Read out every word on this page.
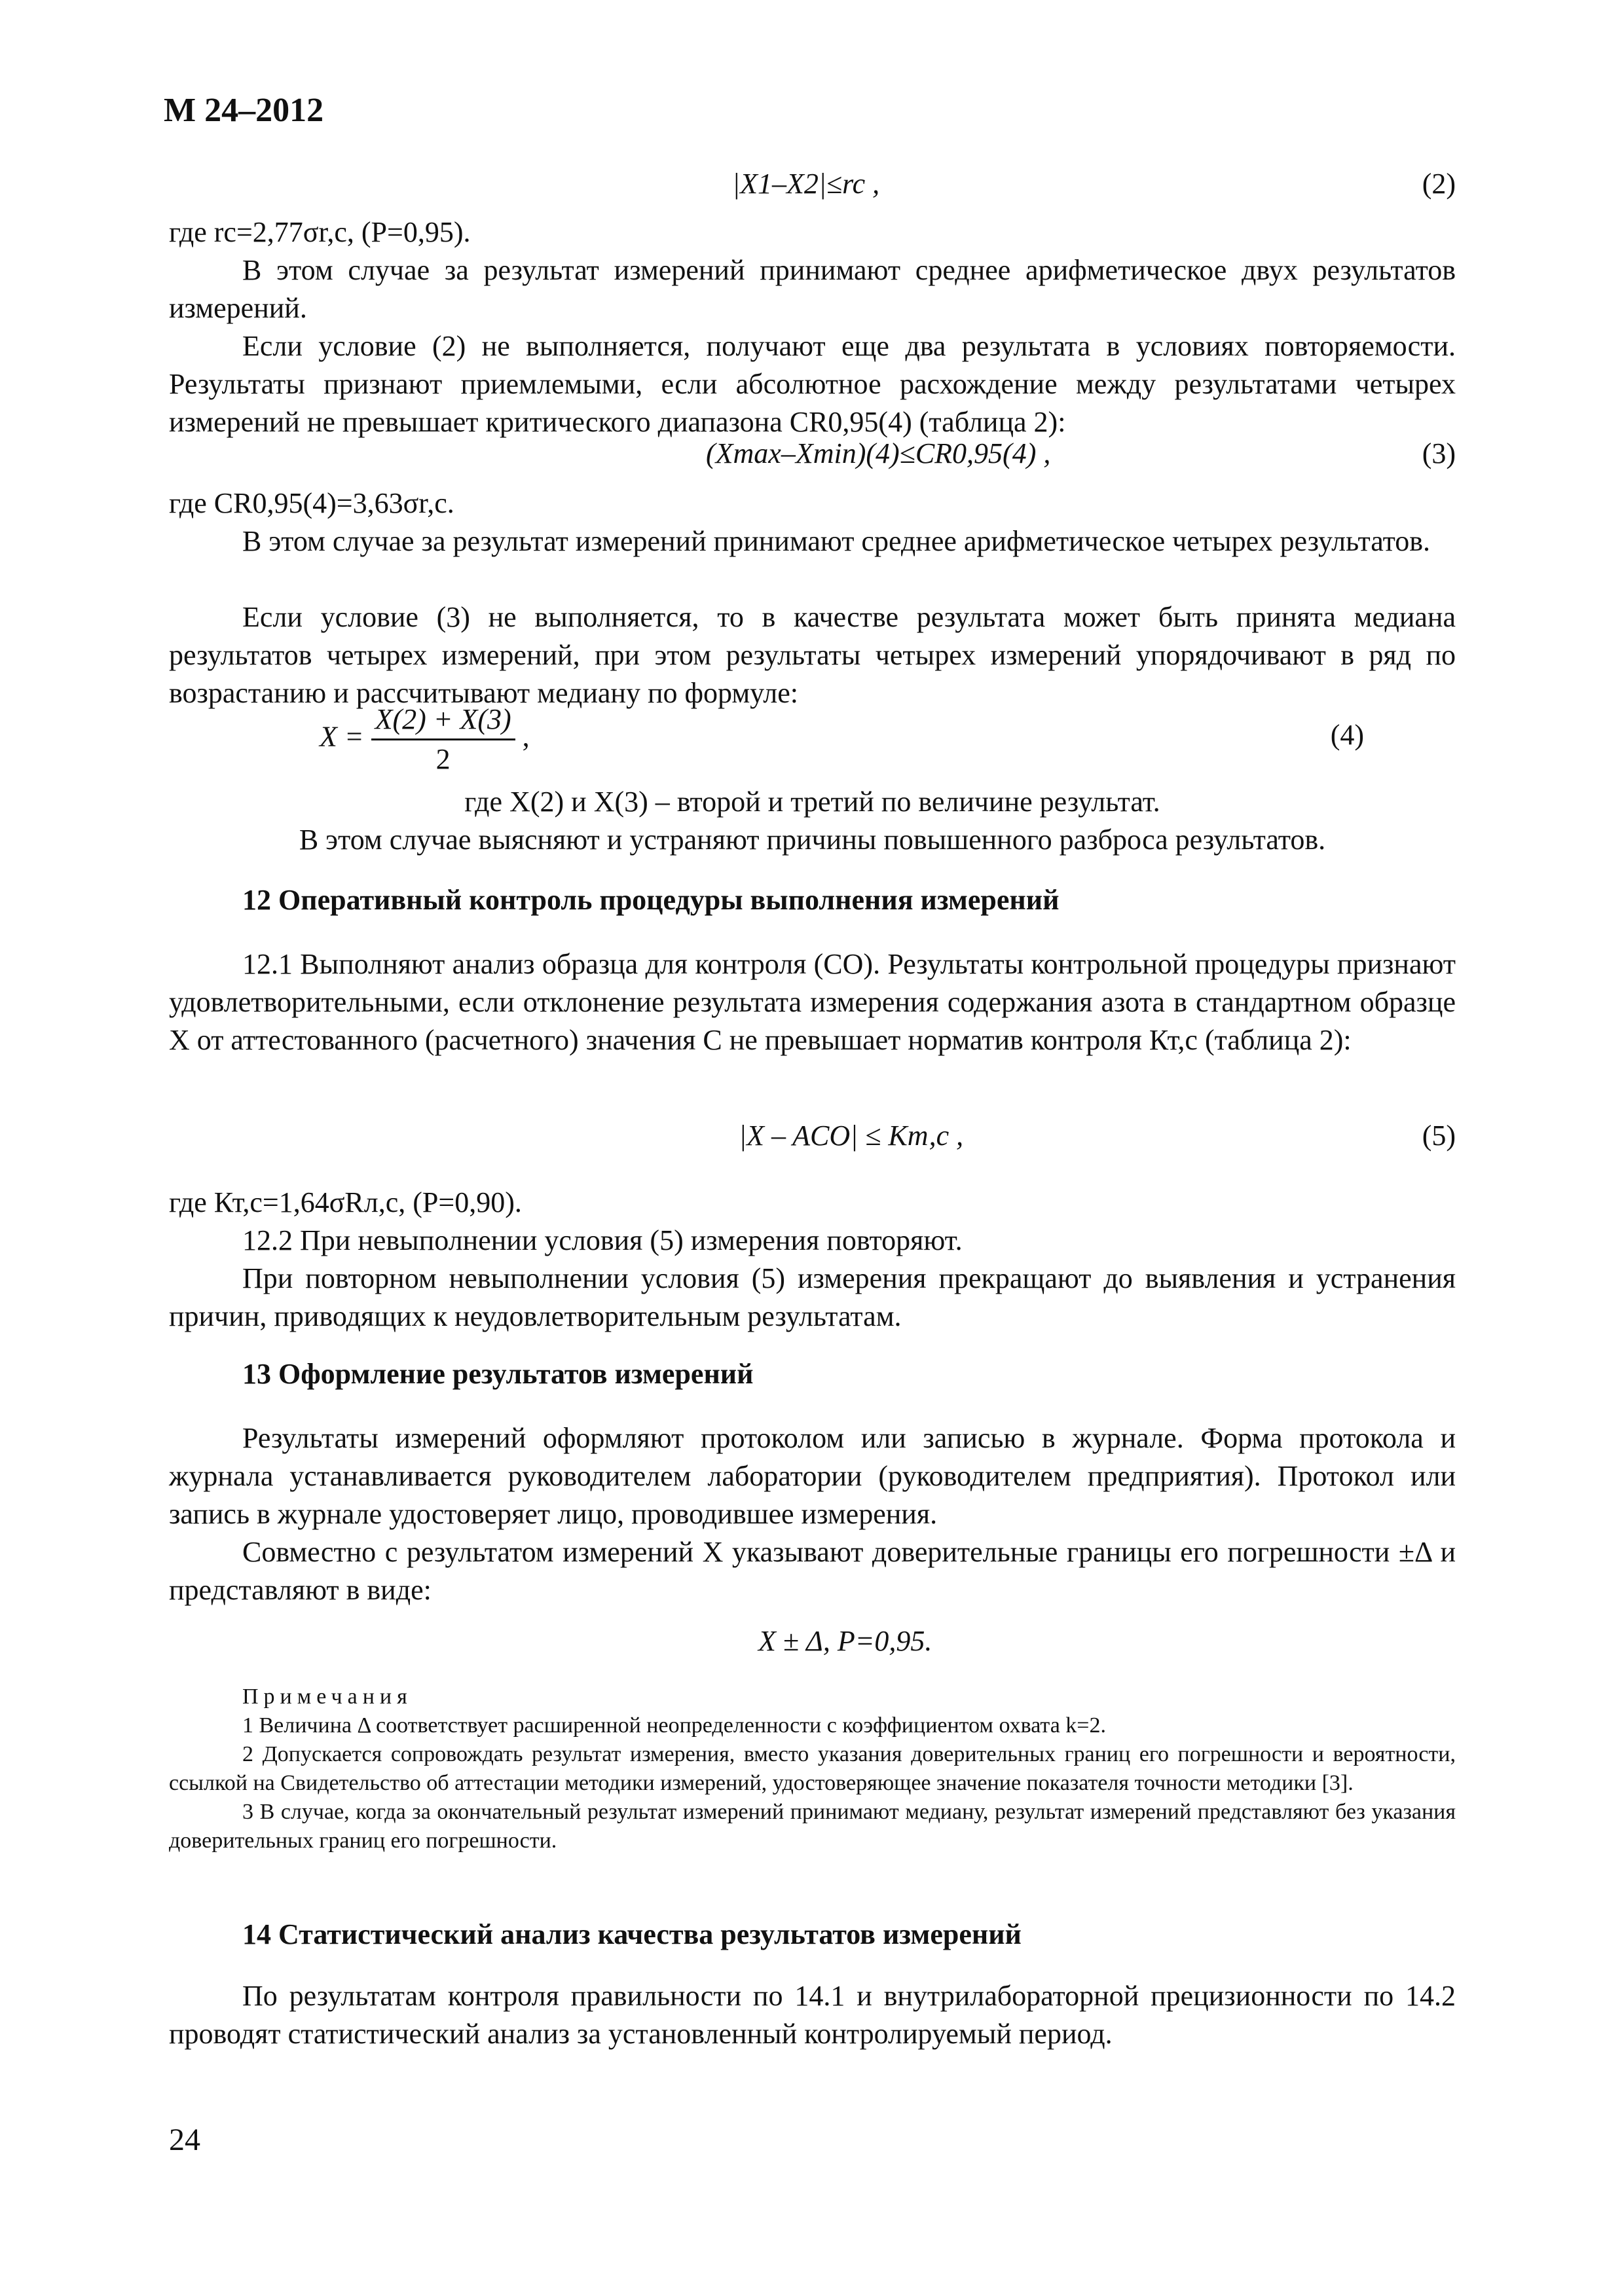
М 24–2012
|X1–X2|≤rc ,	(2)

где rc=2,77σr,c, (P=0,95).

В этом случае за результат измерений принимают среднее арифметическое двух результатов измерений.

Если условие (2) не выполняется, получают еще два результата в условиях повторяемости. Результаты признают приемлемыми, если абсолютное расхождение между результатами четырех измерений не превышает критического диапазона CR0,95(4) (таблица 2):

(Xmax–Xmin)(4)≤CR0,95(4) ,	(3)

где CR0,95(4)=3,63σr,c.

В этом случае за результат измерений принимают среднее арифметическое четырех результатов.

Если условие (3) не выполняется, то в качестве результата может быть принята медиана результатов четырех измерений, при этом результаты четырех измерений упорядочивают в ряд по возрастанию и рассчитывают медиану по формуле:

$X = \frac{X(2) + X(3)}{2}$ ,	(4)

где X(2) и X(3) – второй и третий по величине результат.

В этом случае выясняют и устраняют причины повышенного разброса результатов.

12 Оперативный контроль процедуры выполнения измерений

12.1 Выполняют анализ образца для контроля (СО). Результаты контрольной процедуры признают удовлетворительными, если отклонение результата измерения содержания азота в стандартном образце X от аттестованного (расчетного) значения C не превышает норматив контроля Кт,с (таблица 2):

|X – ACO| ≤ Kт,с ,	(5)

где Кт,с=1,64σRл,с, (P=0,90).

12.2 При невыполнении условия (5) измерения повторяют.

При повторном невыполнении условия (5) измерения прекращают до выявления и устранения причин, приводящих к неудовлетворительным результатам.

13 Оформление результатов измерений

Результаты измерений оформляют протоколом или записью в журнале. Форма протокола и журнала устанавливается руководителем лаборатории (руководителем предприятия). Протокол или запись в журнале удостоверяет лицо, проводившее измерения.

Совместно с результатом измерений X указывают доверительные границы его погрешности ±Δ и представляют в виде:

X ± Δ, P=0,95.
Примечания

1 Величина Δ соответствует расширенной неопределенности с коэффициентом охвата k=2.

2 Допускается сопровождать результат измерения, вместо указания доверительных границ его погрешности и вероятности, ссылкой на Свидетельство об аттестации методики измерений, удостоверяющее значение показателя точности методики [3].

3 В случае, когда за окончательный результат измерений принимают медиану, результат измерений представляют без указания доверительных границ его погрешности.

14 Статистический анализ качества результатов измерений

По результатам контроля правильности по 14.1 и внутрилабораторной прецизионности по 14.2 проводят статистический анализ за установленный контролируемый период.

24
